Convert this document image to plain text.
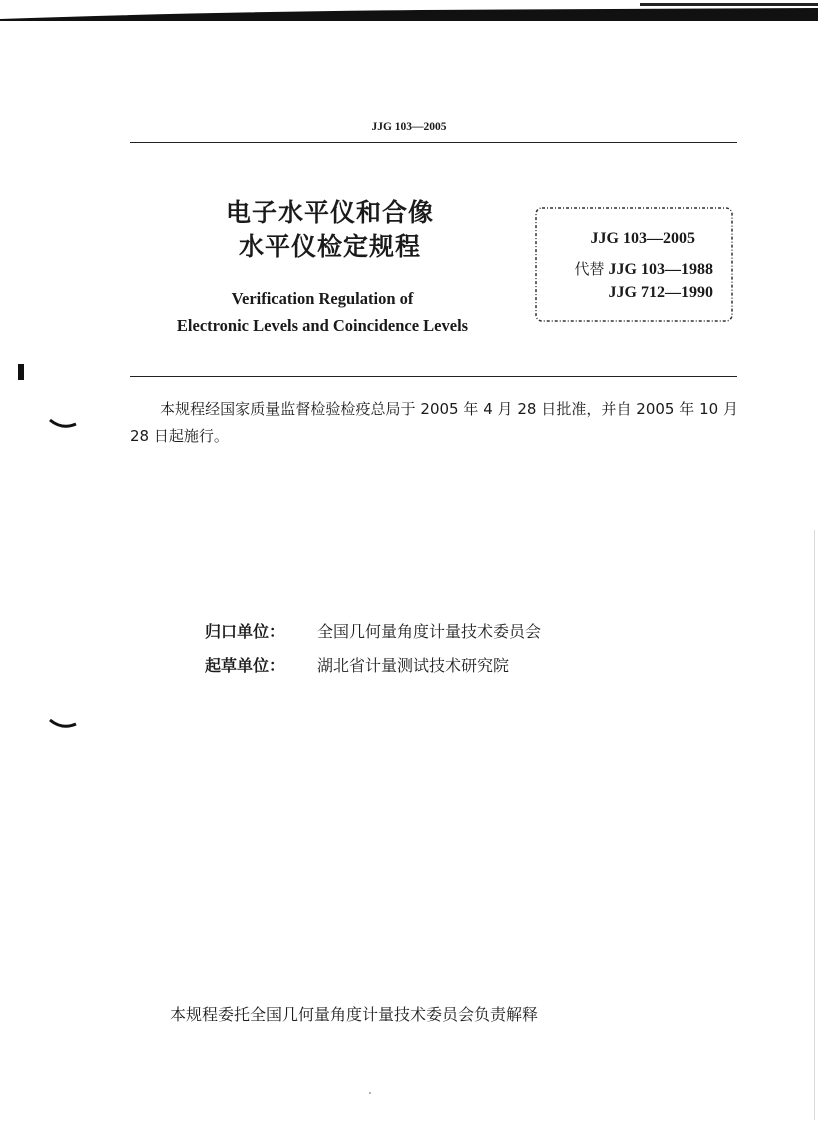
JJG 103—2005
电子水平仪和合像
水平仪检定规程
Verification Regulation of
Electronic Levels and Coincidence Levels
JJG 103—2005
代替 JJG 103—1988
JJG 712—1990
本规程经国家质量监督检验检疫总局于 2005 年 4 月 28 日批准，并自 2005 年 10 月 28 日起施行。
归口单位： 全国几何量角度计量技术委员会
起草单位： 湖北省计量测试技术研究院
本规程委托全国几何量角度计量技术委员会负责解释
